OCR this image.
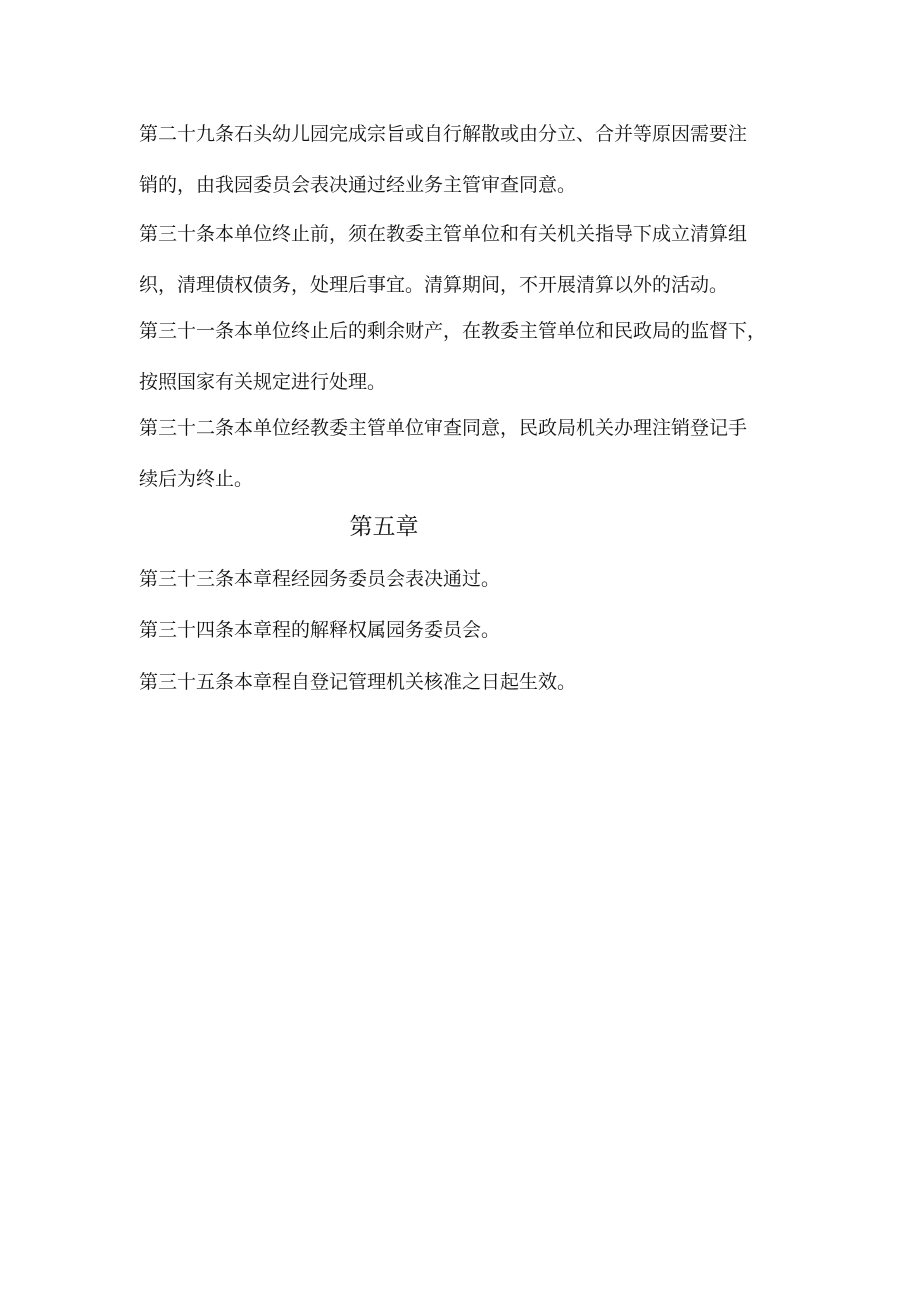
第二十九条石头幼儿园完成宗旨或自行解散或由分立、合并等原因需要注
销的，由我园委员会表决通过经业务主管审查同意。

第三十条本单位终止前，须在教委主管单位和有关机关指导下成立清算组
织，清理债权债务，处理后事宜。清算期间，不开展清算以外的活动。

第三十一条本单位终止后的剩余财产，在教委主管单位和民政局的监督下，
按照国家有关规定进行处理。

第三十二条本单位经教委主管单位审查同意，民政局机关办理注销登记手
续后为终止。

第五章

第三十三条本章程经园务委员会表决通过。

第三十四条本章程的解释权属园务委员会。

第三十五条本章程自登记管理机关核准之日起生效。
